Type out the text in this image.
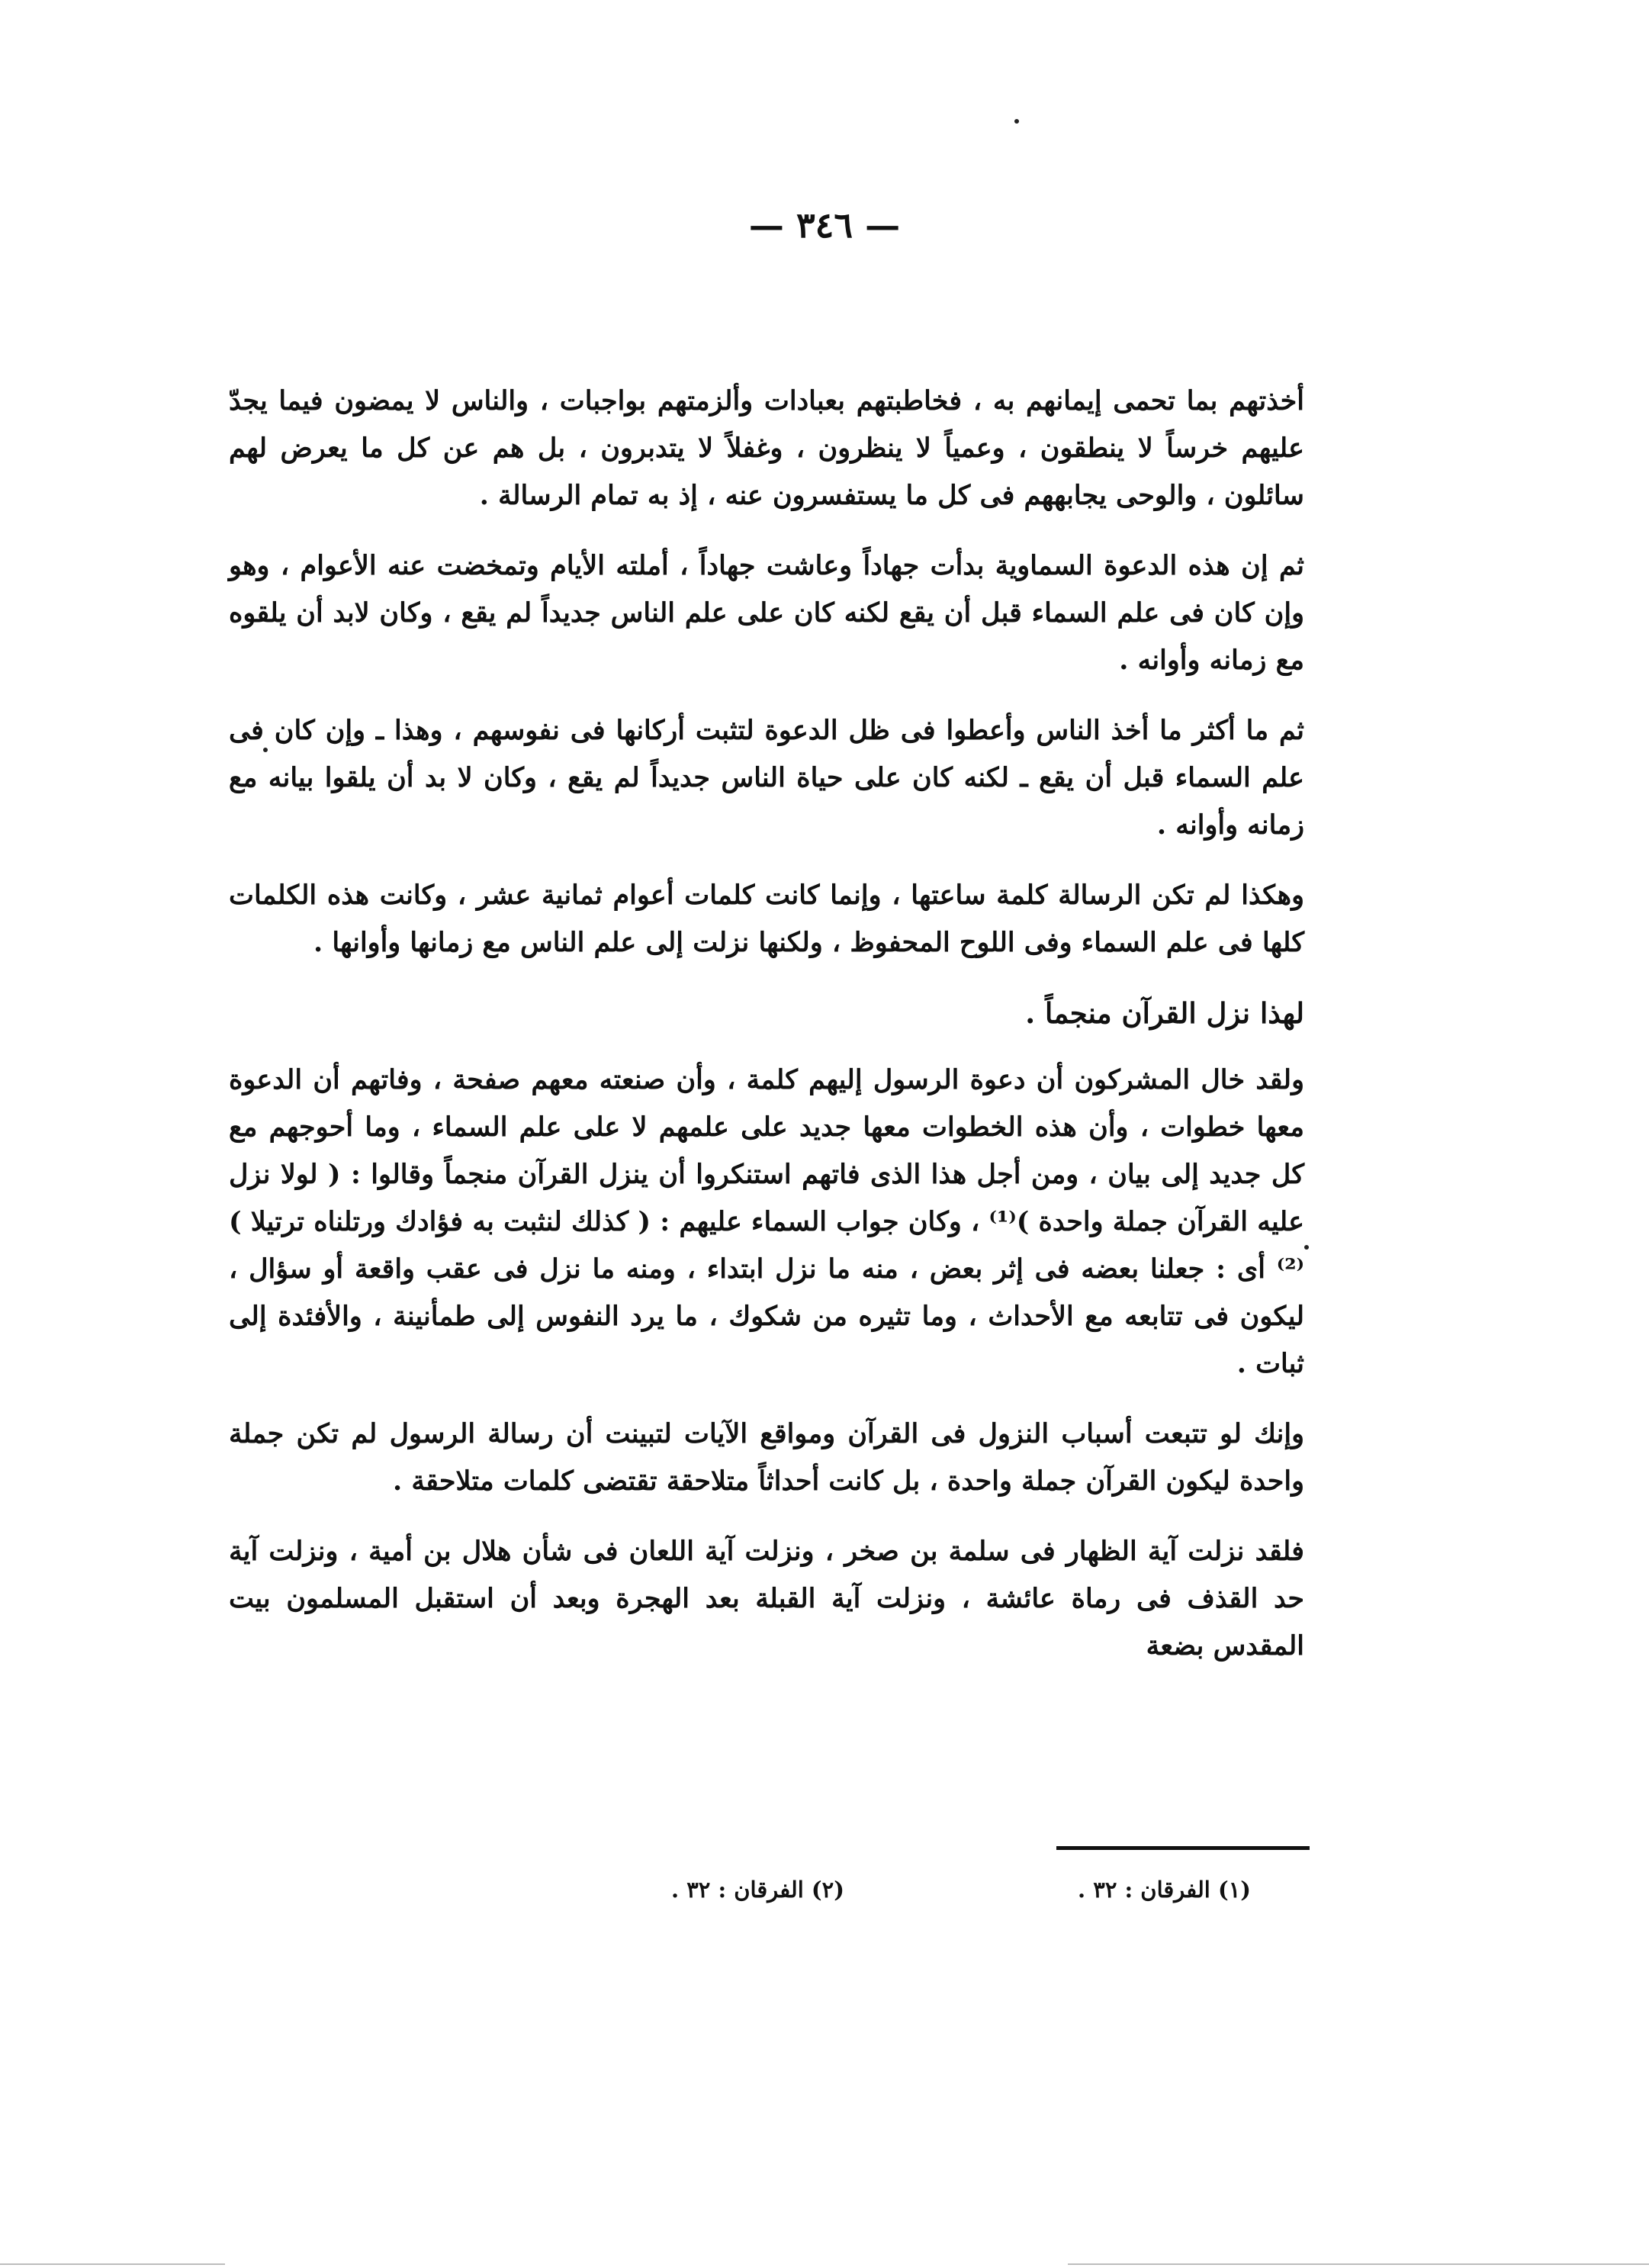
— ٣٤٦ —

أخذتهم بما تحمى إيمانهم به ، فخاطبتهم بعبادات وألزمتهم بواجبات ، والناس لا يمضون فيما يجدّ عليهم خرساً لا ينطقون ، وعمياً لا ينظرون ، وغفلاً لا يتدبرون ، بل هم عن كل ما يعرض لهم سائلون ، والوحى يجابههم فى كل ما يستفسرون عنه ، إذ به تمام الرسالة .

ثم إن هذه الدعوة السماوية بدأت جهاداً وعاشت جهاداً ، أملته الأيام وتمخضت عنه الأعوام ، وهو وإن كان فى علم السماء قبل أن يقع لكنه كان على علم الناس جديداً لم يقع ، وكان لابد أن يلقوه مع زمانه وأوانه .

ثم ما أكثر ما أخذ الناس وأعطوا فى ظل الدعوة لتثبت أركانها فى نفوسهم ، وهذا ـ وإن كان فى علم السماء قبل أن يقع ـ لكنه كان على حياة الناس جديداً لم يقع ، وكان لا بد أن يلقوا بيانه مع زمانه وأوانه .

وهكذا لم تكن الرسالة كلمة ساعتها ، وإنما كانت كلمات أعوام ثمانية عشر ، وكانت هذه الكلمات كلها فى علم السماء وفى اللوح المحفوظ ، ولكنها نزلت إلى علم الناس مع زمانها وأوانها .

لهذا نزل القرآن منجماً .

ولقد خال المشركون أن دعوة الرسول إليهم كلمة ، وأن صنعته معهم صفحة ، وفاتهم أن الدعوة معها خطوات ، وأن هذه الخطوات معها جديد على علمهم لا على علم السماء ، وما أحوجهم مع كل جديد إلى بيان ، ومن أجل هذا الذى فاتهم استنكروا أن ينزل القرآن منجماً وقالوا : ( لولا نزل عليه القرآن جملة واحدة )⁽¹⁾ ، وكان جواب السماء عليهم : ( كذلك لنثبت به فؤادك ورتلناه ترتيلا )⁽²⁾ أى : جعلنا بعضه فى إثر بعض ، منه ما نزل ابتداء ، ومنه ما نزل فى عقب واقعة أو سؤال ، ليكون فى تتابعه مع الأحداث ، وما تثيره من شكوك ، ما يرد النفوس إلى طمأنينة ، والأفئدة إلى ثبات .

وإنك لو تتبعت أسباب النزول فى القرآن ومواقع الآيات لتبينت أن رسالة الرسول لم تكن جملة واحدة ليكون القرآن جملة واحدة ، بل كانت أحداثاً متلاحقة تقتضى كلمات متلاحقة .

فلقد نزلت آية الظهار فى سلمة بن صخر ، ونزلت آية اللعان فى شأن هلال بن أمية ، ونزلت آية حد القذف فى رماة عائشة ، ونزلت آية القبلة بعد الهجرة وبعد أن استقبل المسلمون بيت المقدس بضعة

(١) الفرقان : ٣٢ .
(٢) الفرقان : ٣٢ .
